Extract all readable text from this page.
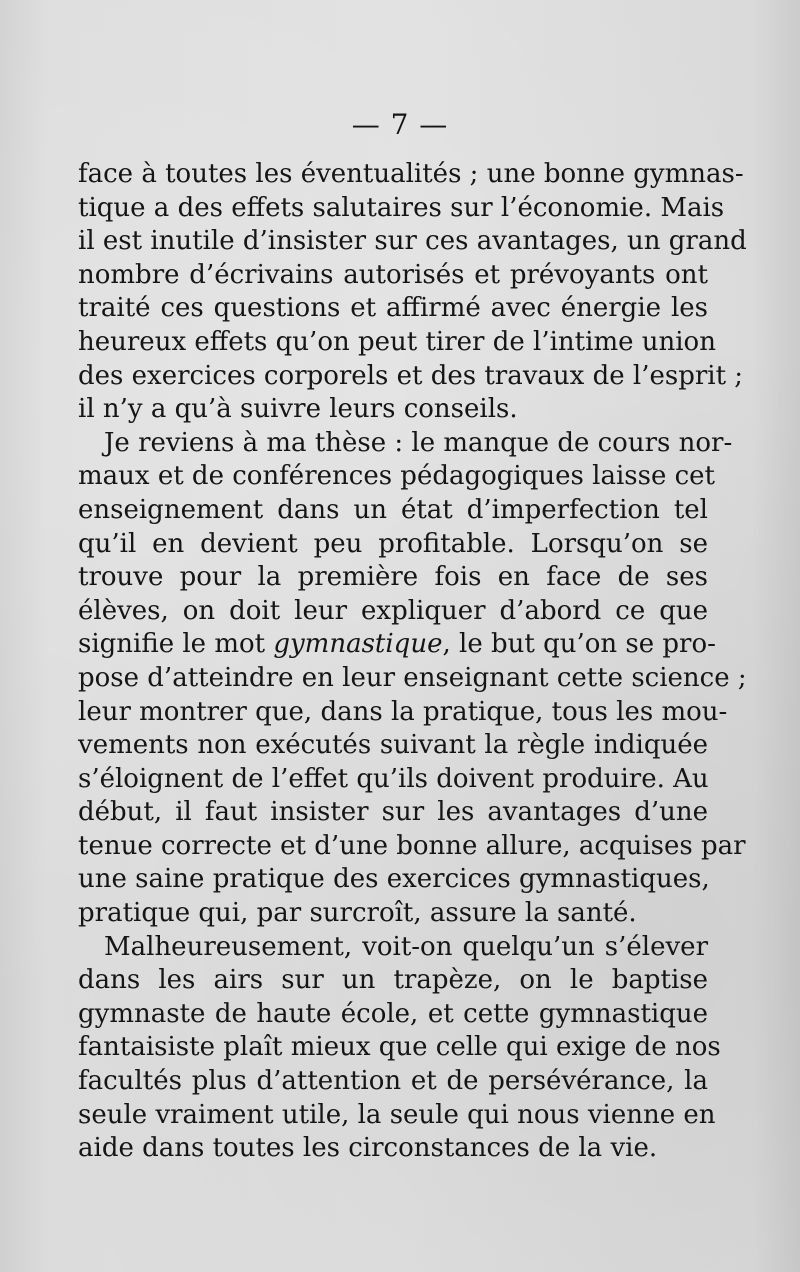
— 7 —
face à toutes les éventualités ; une bonne gymnas-
tique a des effets salutaires sur l’économie. Mais
il est inutile d’insister sur ces avantages, un grand
nombre d’écrivains autorisés et prévoyants ont
traité ces questions et affirmé avec énergie les
heureux effets qu’on peut tirer de l’intime union
des exercices corporels et des travaux de l’esprit ;
il n’y a qu’à suivre leurs conseils.
Je reviens à ma thèse : le manque de cours nor-
maux et de conférences pédagogiques laisse cet
enseignement dans un état d’imperfection tel
qu’il en devient peu profitable. Lorsqu’on se
trouve pour la première fois en face de ses
élèves, on doit leur expliquer d’abord ce que
signifie le mot gymnastique, le but qu’on se pro-
pose d’atteindre en leur enseignant cette science ;
leur montrer que, dans la pratique, tous les mou-
vements non exécutés suivant la règle indiquée
s’éloignent de l’effet qu’ils doivent produire. Au
début, il faut insister sur les avantages d’une
tenue correcte et d’une bonne allure, acquises par
une saine pratique des exercices gymnastiques,
pratique qui, par surcroît, assure la santé.
Malheureusement, voit-on quelqu’un s’élever
dans les airs sur un trapèze, on le baptise
gymnaste de haute école, et cette gymnastique
fantaisiste plaît mieux que celle qui exige de nos
facultés plus d’attention et de persévérance, la
seule vraiment utile, la seule qui nous vienne en
aide dans toutes les circonstances de la vie.
